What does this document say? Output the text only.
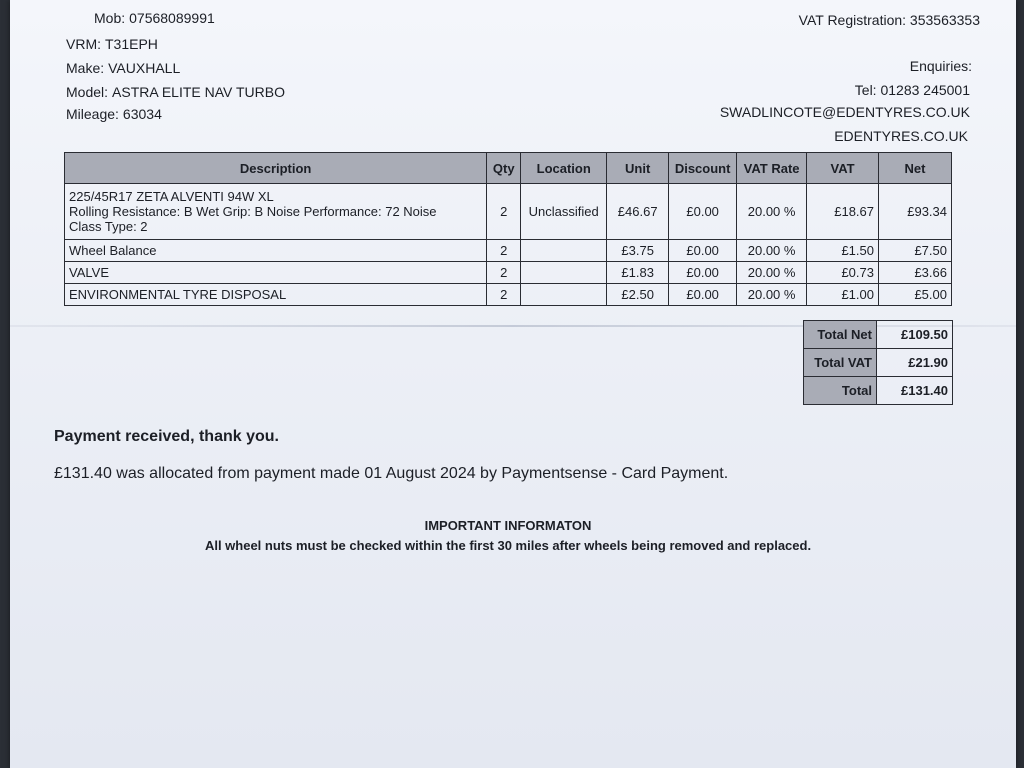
Mob: 07568089991
VRM: T31EPH
Make: VAUXHALL
Model: ASTRA ELITE NAV TURBO
Mileage: 63034
VAT Registration: 353563353
Enquiries:
Tel: 01283 245001
SWADLINCOTE@EDENTYRES.CO.UK
EDENTYRES.CO.UK
Description	Qty	Location	Unit	Discount	VAT Rate	VAT	Net

225/45R17 ZETA ALVENTI 94W XL
Rolling Resistance: B Wet Grip: B Noise Performance: 72 Noise
Class Type: 2	2	Unclassified	£46.67	£0.00	20.00 %	£18.67	£93.34
Wheel Balance	2		£3.75	£0.00	20.00 %	£1.50	£7.50
VALVE	2		£1.83	£0.00	20.00 %	£0.73	£3.66
ENVIRONMENTAL TYRE DISPOSAL	2		£2.50	£0.00	20.00 %	£1.00	£5.00
Total Net	£109.50
Total VAT	£21.90
Total	£131.40
Payment received, thank you.
£131.40 was allocated from payment made 01 August 2024 by Paymentsense - Card Payment.
IMPORTANT INFORMATON
All wheel nuts must be checked within the first 30 miles after wheels being removed and replaced.
